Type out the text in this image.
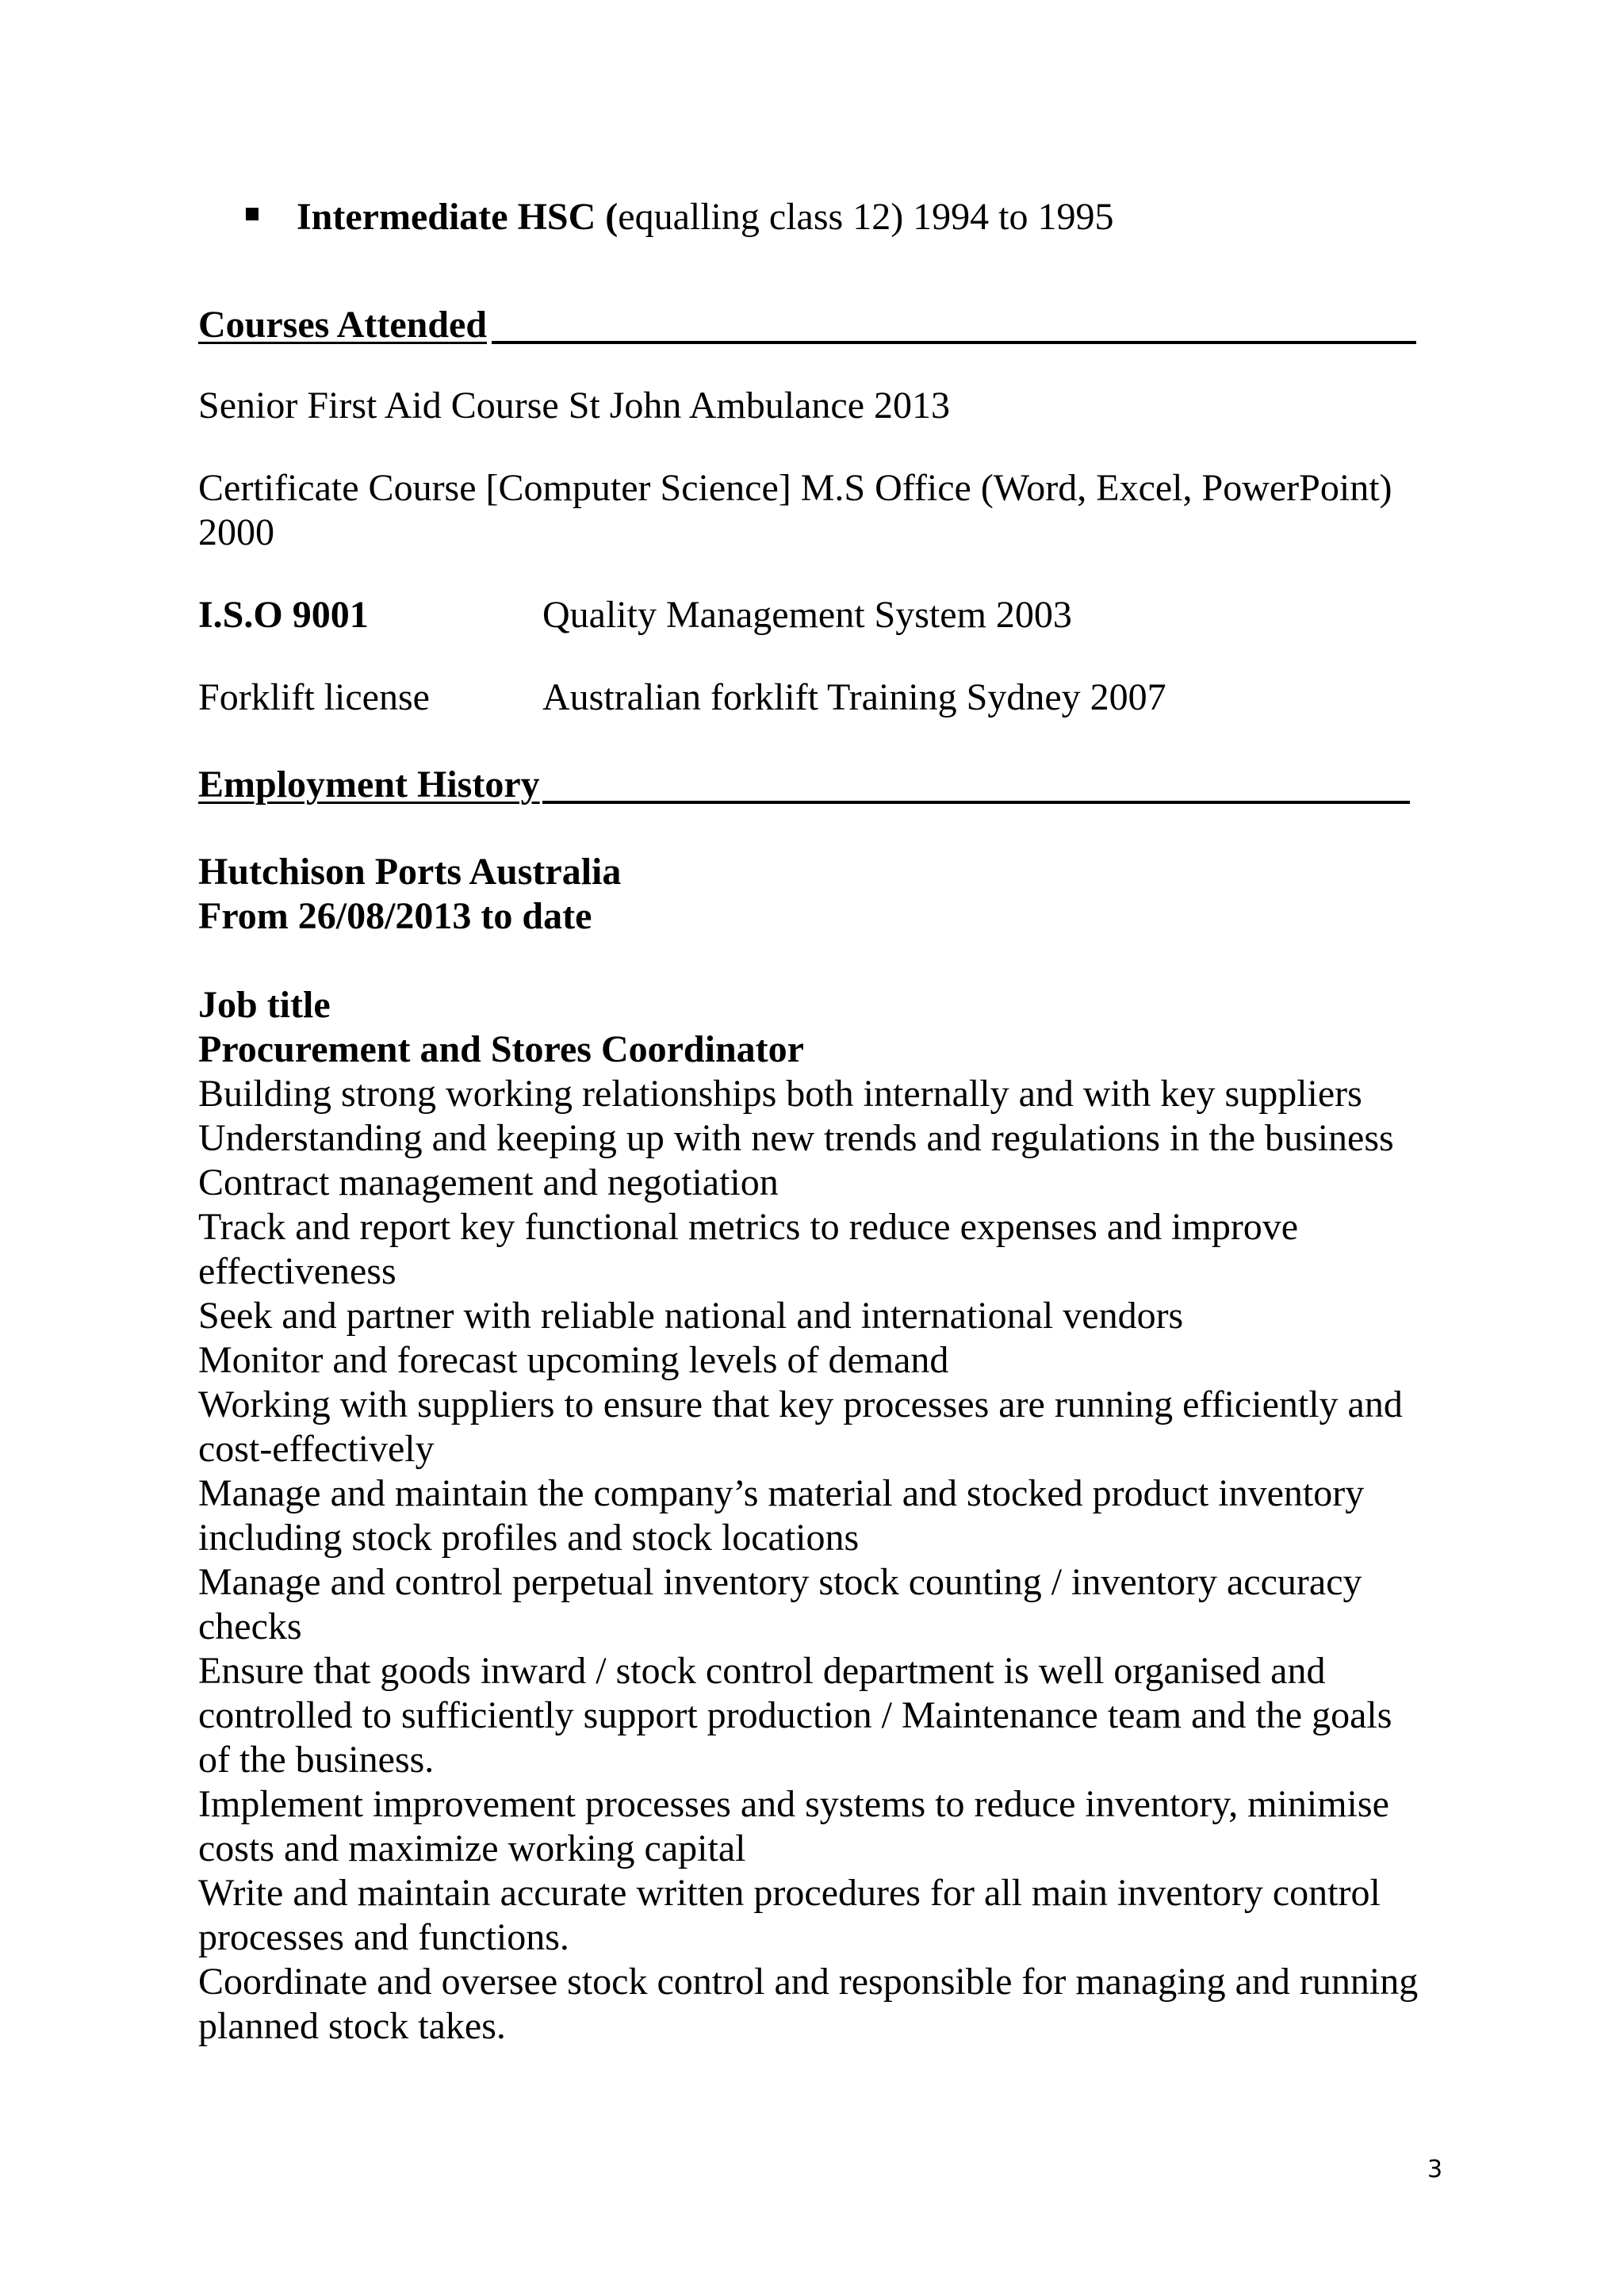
Intermediate HSC (equalling class 12) 1994 to 1995
Courses Attended
Senior First Aid Course St John Ambulance 2013
Certificate Course [Computer Science] M.S Office (Word, Excel, PowerPoint)
2000
I.S.O 9001	Quality Management System 2003
Forklift license	Australian forklift Training Sydney 2007
Employment History
Hutchison Ports Australia
From 26/08/2013 to date
Job title
Procurement and Stores Coordinator
Building strong working relationships both internally and with key suppliers
Understanding and keeping up with new trends and regulations in the business
Contract management and negotiation
Track and report key functional metrics to reduce expenses and improve
effectiveness
Seek and partner with reliable national and international vendors
Monitor and forecast upcoming levels of demand
Working with suppliers to ensure that key processes are running efficiently and
cost-effectively
Manage and maintain the company’s material and stocked product inventory
including stock profiles and stock locations
Manage and control perpetual inventory stock counting / inventory accuracy
checks
Ensure that goods inward / stock control department is well organised and
controlled to sufficiently support production / Maintenance team and the goals
of the business.
Implement improvement processes and systems to reduce inventory, minimise
costs and maximize working capital
Write and maintain accurate written procedures for all main inventory control
processes and functions.
Coordinate and oversee stock control and responsible for managing and running
planned stock takes.
3
